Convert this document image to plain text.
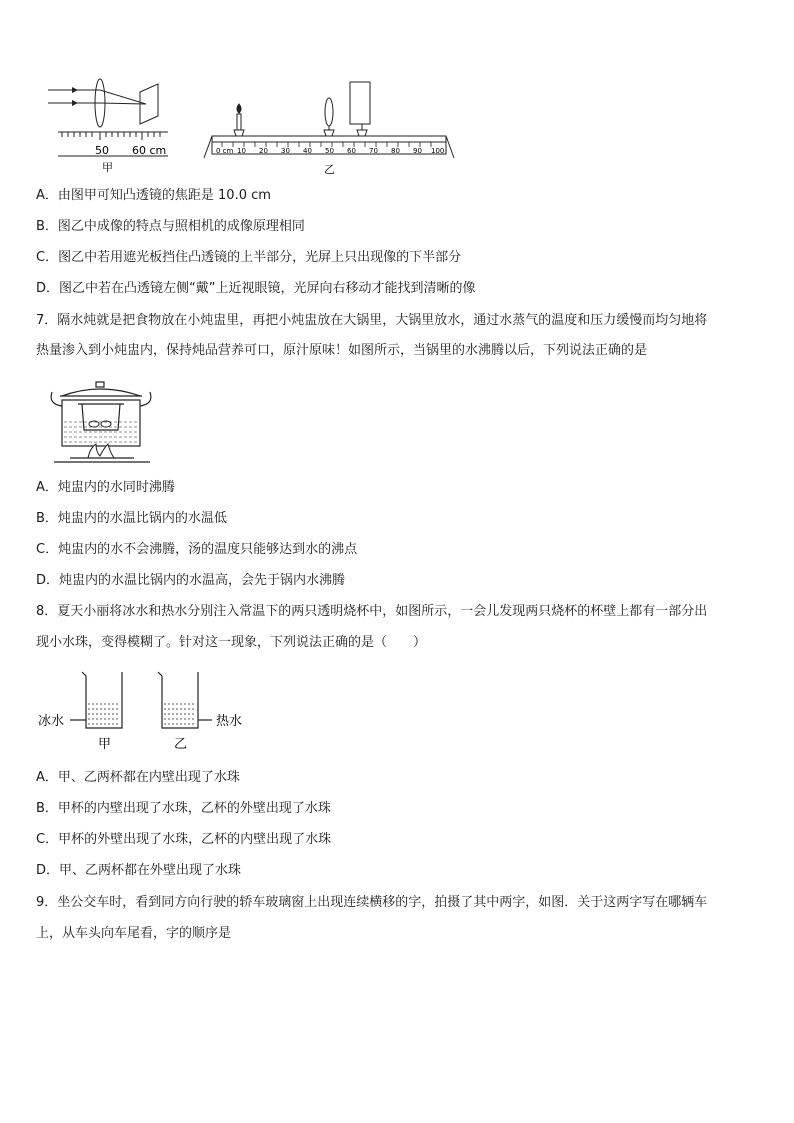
50 60 cm
甲
0 cm 10 20 30 40 50 60 70 80 90 100
乙
A．由图甲可知凸透镜的焦距是 10.0 cm
B．图乙中成像的特点与照相机的成像原理相同
C．图乙中若用遮光板挡住凸透镜的上半部分，光屏上只出现像的下半部分
D．图乙中若在凸透镜左侧“戴”上近视眼镜，光屏向右移动才能找到清晰的像
7．隔水炖就是把食物放在小炖盅里，再把小炖盅放在大锅里，大锅里放水，通过水蒸气的温度和压力缓慢而均匀地将
热量渗入到小炖盅内，保持炖品营养可口，原汁原味！如图所示，当锅里的水沸腾以后，下列说法正确的是
A．炖盅内的水同时沸腾
B．炖盅内的水温比锅内的水温低
C．炖盅内的水不会沸腾，汤的温度只能够达到水的沸点
D．炖盅内的水温比锅内的水温高，会先于锅内水沸腾
8．夏天小丽将冰水和热水分别注入常温下的两只透明烧杯中，如图所示，一会儿发现两只烧杯的杯壁上都有一部分出
现小水珠，变得模糊了。针对这一现象，下列说法正确的是（　　）
冰水	热水
甲	乙
A．甲、乙两杯都在内壁出现了水珠
B．甲杯的内壁出现了水珠，乙杯的外壁出现了水珠
C．甲杯的外壁出现了水珠，乙杯的内壁出现了水珠
D．甲、乙两杯都在外壁出现了水珠
9．坐公交车时，看到同方向行驶的轿车玻璃窗上出现连续横移的字，拍摄了其中两字，如图．关于这两字写在哪辆车
上，从车头向车尾看，字的顺序是
